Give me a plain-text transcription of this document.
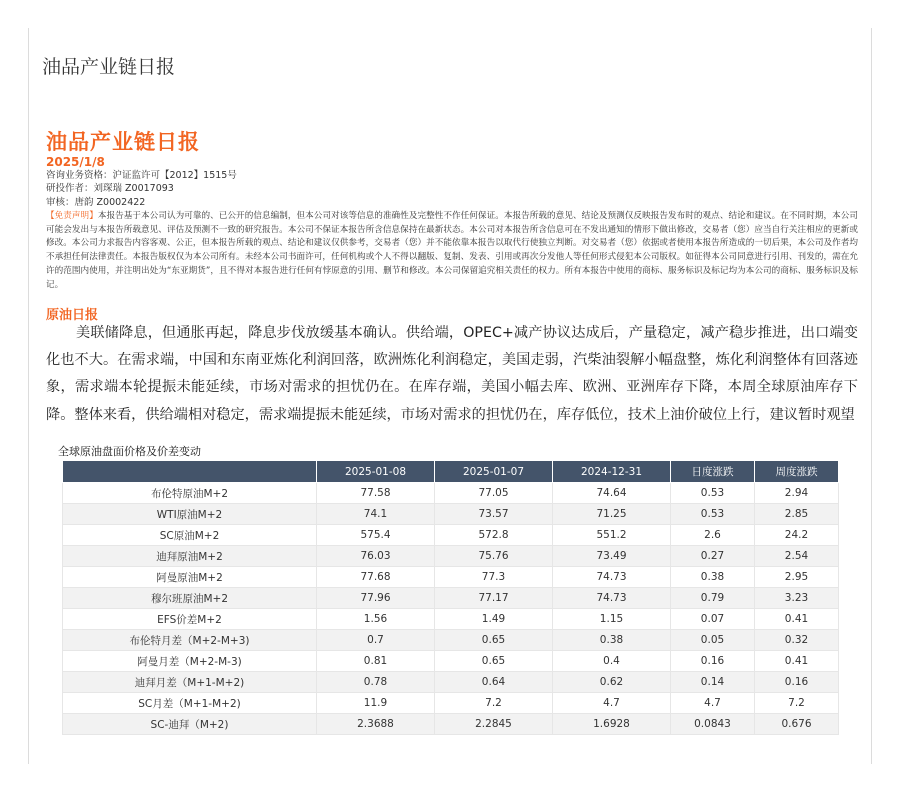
油品产业链日报
油品产业链日报
2025/1/8
咨询业务资格：沪证监许可【2012】1515号
研投作者：刘琛瑞 Z0017093
审核：唐韵 Z0002422
【免责声明】本报告基于本公司认为可靠的、已公开的信息编制，但本公司对该等信息的准确性及完整性不作任何保证。本报告所载的意见、结论及预测仅反映报告发布时的观点、结论和建议。在不同时期，本公司可能会发出与本报告所载意见、评估及预测不一致的研究报告。本公司不保证本报告所含信息保持在最新状态。本公司对本报告所含信息可在不发出通知的情形下做出修改，交易者（您）应当自行关注相应的更新或修改。本公司力求报告内容客观、公正，但本报告所载的观点、结论和建议仅供参考，交易者（您）并不能依靠本报告以取代行使独立判断。对交易者（您）依据或者使用本报告所造成的一切后果，本公司及作者均不承担任何法律责任。本报告版权仅为本公司所有。未经本公司书面许可，任何机构或个人不得以翻版、复制、发表、引用或再次分发他人等任何形式侵犯本公司版权。如征得本公司同意进行引用、刊发的，需在允许的范围内使用，并注明出处为“东亚期货”，且不得对本报告进行任何有悖原意的引用、删节和修改。本公司保留追究相关责任的权力。所有本报告中使用的商标、服务标识及标记均为本公司的商标、服务标识及标记。
原油日报
美联储降息，但通胀再起，降息步伐放缓基本确认。供给端，OPEC+减产协议达成后，产量稳定，减产稳步推进，出口端变化也不大。在需求端，中国和东南亚炼化利润回落，欧洲炼化利润稳定，美国走弱，汽柴油裂解小幅盘整，炼化利润整体有回落迹象，需求端本轮提振未能延续，市场对需求的担忧仍在。在库存端，美国小幅去库、欧洲、亚洲库存下降，本周全球原油库存下降。整体来看，供给端相对稳定，需求端提振未能延续，市场对需求的担忧仍在，库存低位，技术上油价破位上行，建议暂时观望
全球原油盘面价格及价差变动
	2025-01-08	2025-01-07	2024-12-31	日度涨跌	周度涨跌
布伦特原油M+2	77.58	77.05	74.64	0.53	2.94
WTI原油M+2	74.1	73.57	71.25	0.53	2.85
SC原油M+2	575.4	572.8	551.2	2.6	24.2
迪拜原油M+2	76.03	75.76	73.49	0.27	2.54
阿曼原油M+2	77.68	77.3	74.73	0.38	2.95
穆尔班原油M+2	77.96	77.17	74.73	0.79	3.23
EFS价差M+2	1.56	1.49	1.15	0.07	0.41
布伦特月差（M+2-M+3)	0.7	0.65	0.38	0.05	0.32
阿曼月差（M+2-M-3)	0.81	0.65	0.4	0.16	0.41
迪拜月差（M+1-M+2)	0.78	0.64	0.62	0.14	0.16
SC月差（M+1-M+2)	11.9	7.2	4.7	4.7	7.2
SC-迪拜（M+2)	2.3688	2.2845	1.6928	0.0843	0.676
